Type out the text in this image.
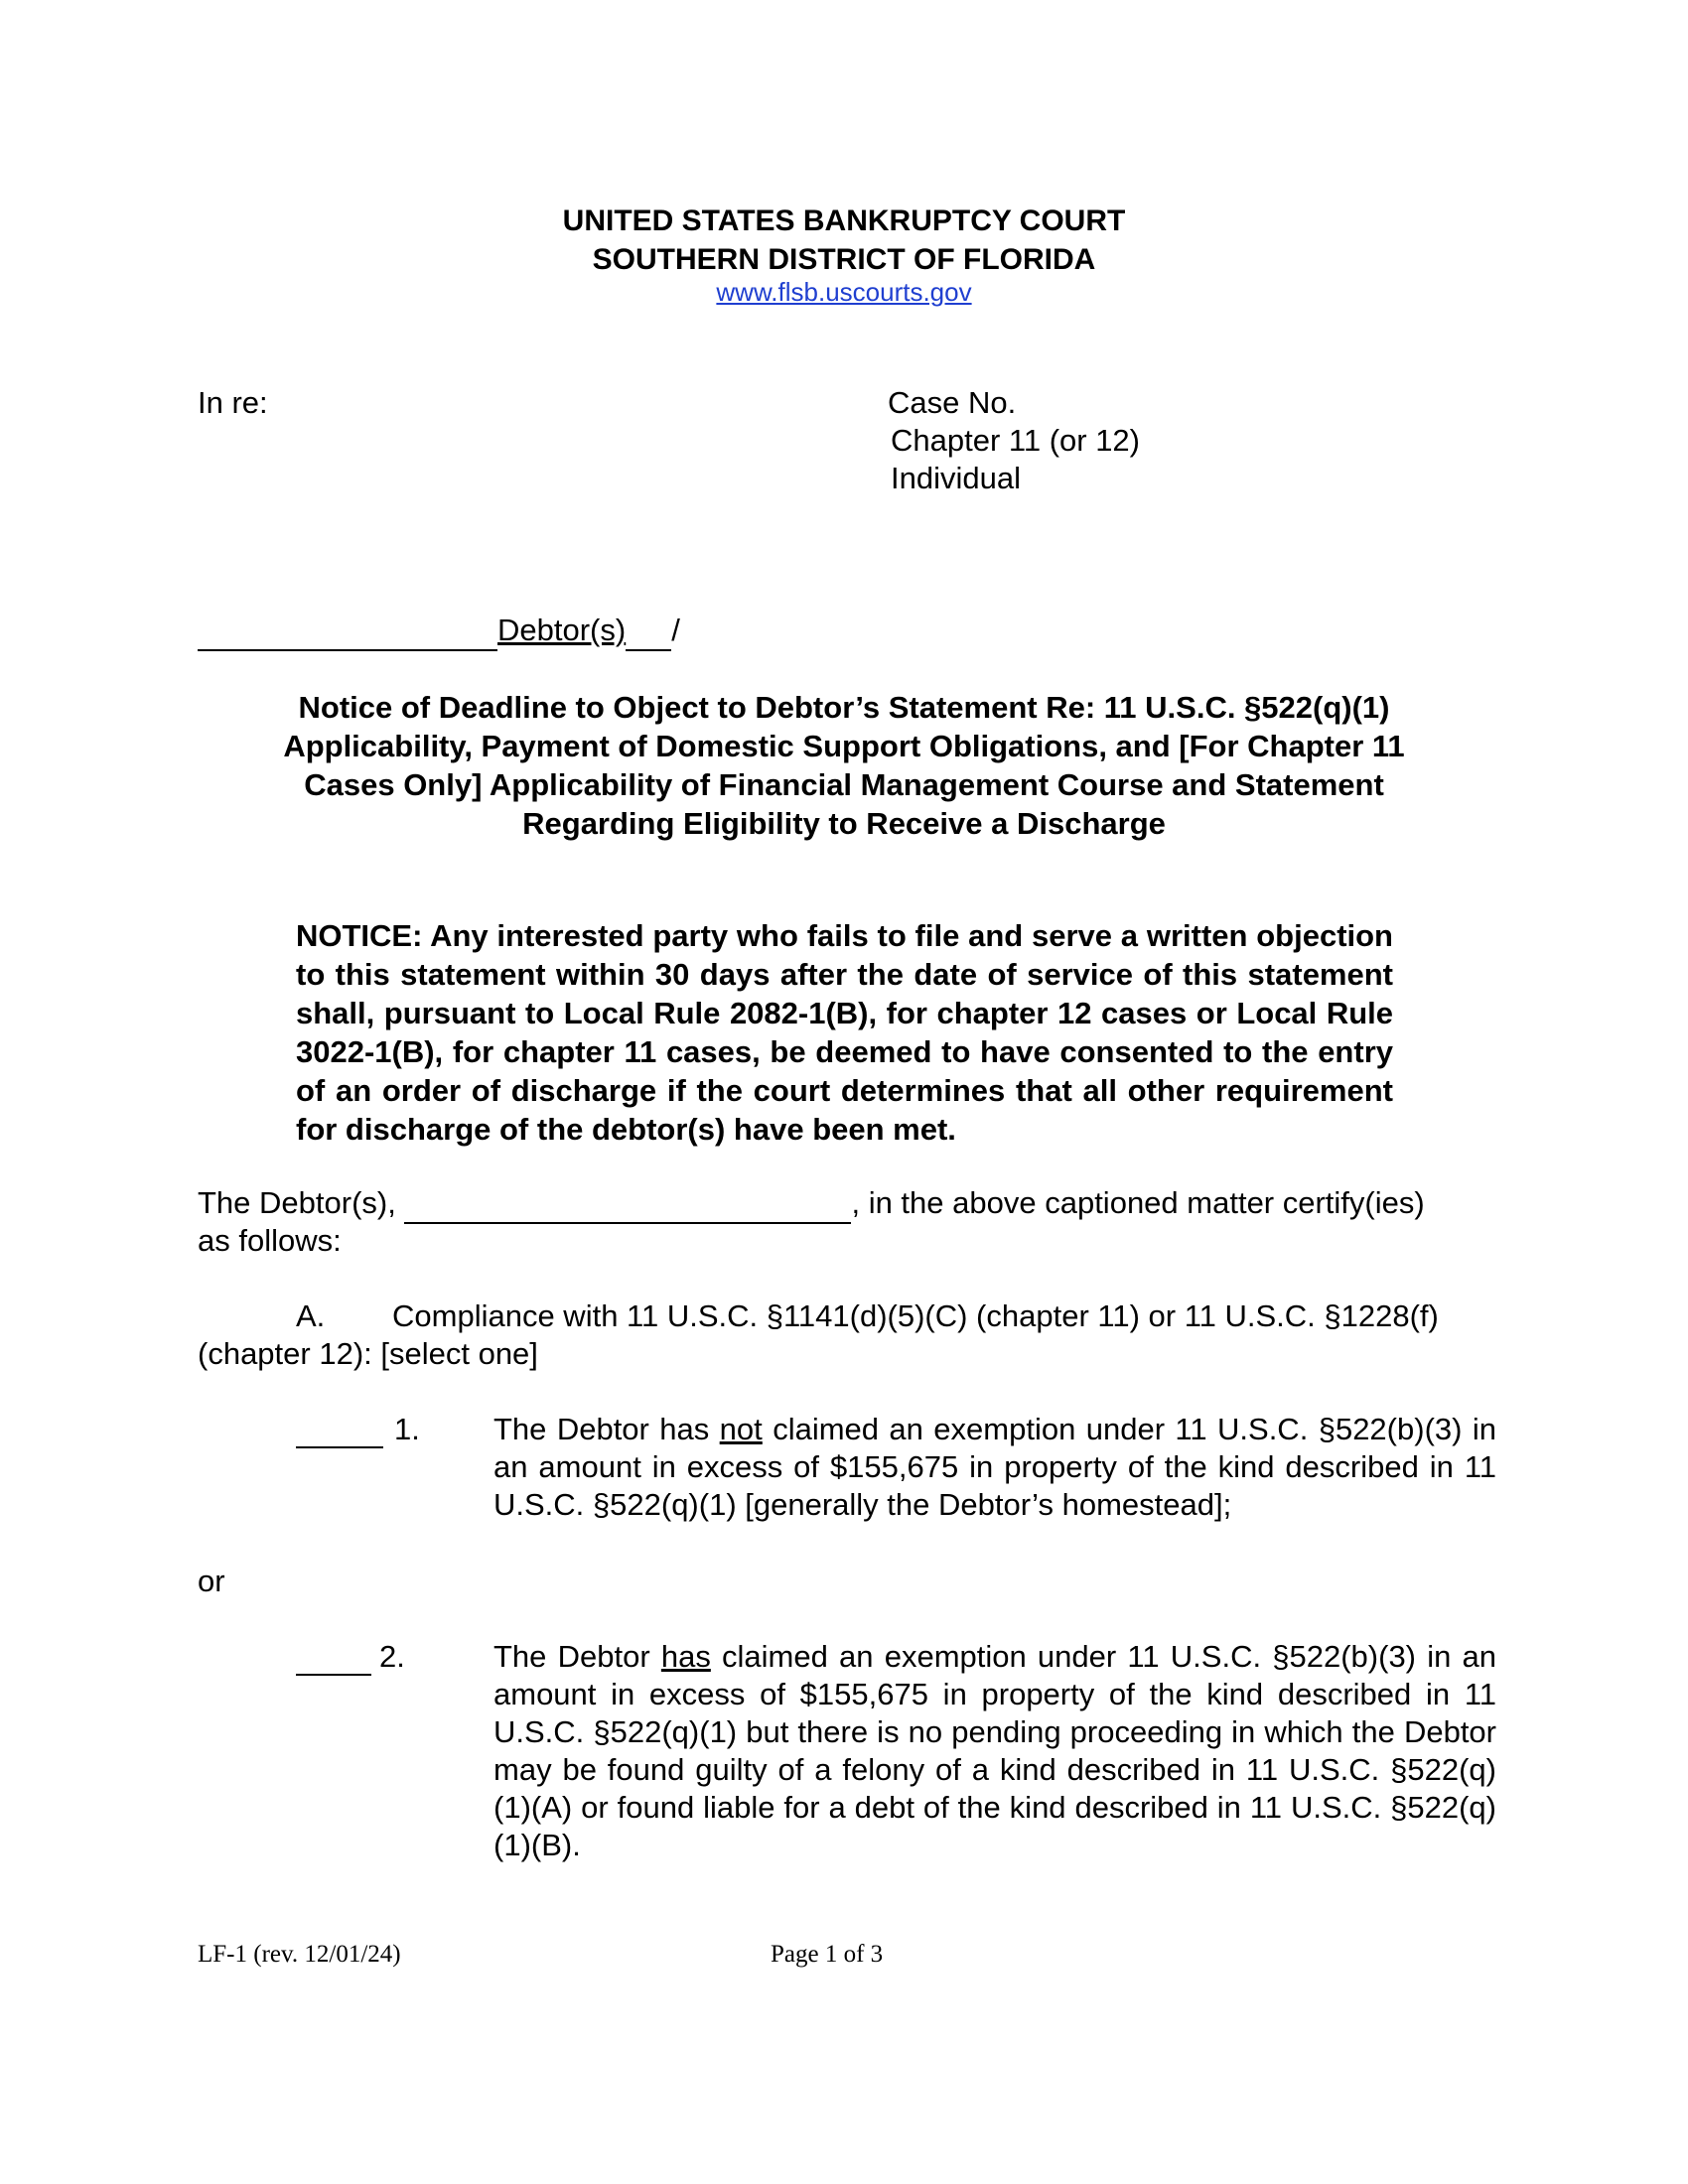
UNITED STATES BANKRUPTCY COURT

SOUTHERN DISTRICT OF FLORIDA

www.flsb.uscourts.gov

In re:	Case No.

Chapter 11 (or 12)

Individual

Debtor(s) /
Notice of Deadline to Object to Debtor’s Statement Re: 11 U.S.C. §522(q)(1)
Applicability, Payment of Domestic Support Obligations, and [For Chapter 11
Cases Only] Applicability of Financial Management Course and Statement
Regarding Eligibility to Receive a Discharge

NOTICE: Any interested party who fails to file and serve a written objection to this statement within 30 days after the date of service of this statement shall, pursuant to Local Rule 2082-1(B), for chapter 12 cases or Local Rule 3022-1(B), for chapter 11 cases, be deemed to have consented to the entry of an order of discharge if the court determines that all other requirement for discharge of the debtor(s) have been met.

The Debtor(s),	, in the above captioned matter certify(ies)

as follows:

A. Compliance with 11 U.S.C. §1141(d)(5)(C) (chapter 11) or 11 U.S.C. §1228(f)

(chapter 12): [select one]

1. The Debtor has not claimed an exemption under 11 U.S.C. §522(b)(3) in an amount in excess of $155,675 in property of the kind described in 11 U.S.C. §522(q)(1) [generally the Debtor’s homestead];

or

2.	The Debtor has claimed an exemption under 11 U.S.C. §522(b)(3) in an amount in excess of $155,675 in property of the kind described in 11 U.S.C. §522(q)(1) but there is no pending proceeding in which the Debtor may be found guilty of a felony of a kind described in 11 U.S.C. §522(q)(1)(A) or found liable for a debt of the kind described in 11 U.S.C. §522(q)(1)(B).

LF-1 (rev. 12/01/24)	Page 1 of 3
